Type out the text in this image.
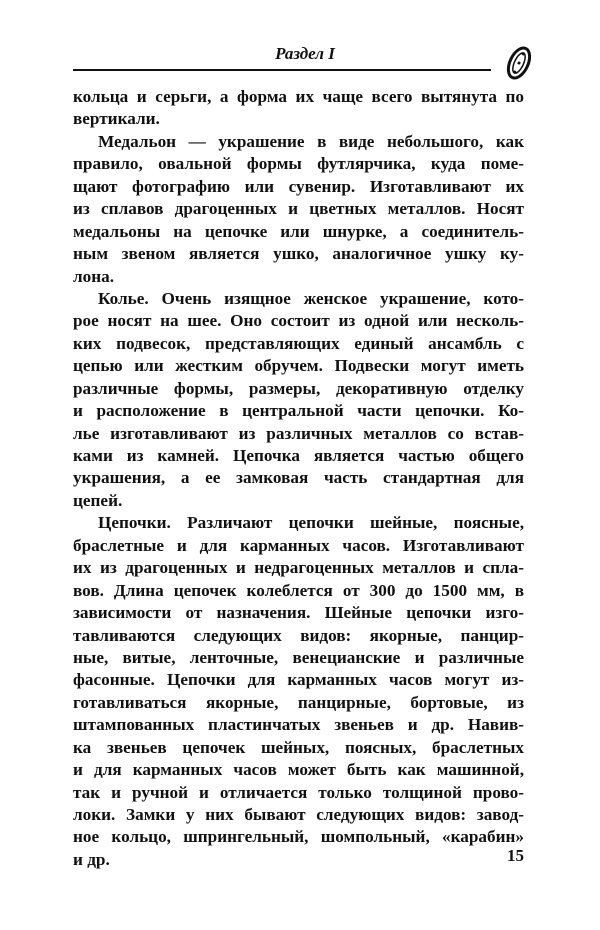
Раздел I
кольца и серьги, а форма их чаще всего вытянута по
вертикали.
Медальон — украшение в виде небольшого, как
правило, овальной формы футлярчика, куда поме-
щают фотографию или сувенир. Изготавливают их
из сплавов драгоценных и цветных металлов. Носят
медальоны на цепочке или шнурке, а соединитель-
ным звеном является ушко, аналогичное ушку ку-
лона.
Колье. Очень изящное женское украшение, кото-
рое носят на шее. Оно состоит из одной или несколь-
ких подвесок, представляющих единый ансамбль с
цепью или жестким обручем. Подвески могут иметь
различные формы, размеры, декоративную отделку
и расположение в центральной части цепочки. Ко-
лье изготавливают из различных металлов со встав-
ками из камней. Цепочка является частью общего
украшения, а ее замковая часть стандартная для
цепей.
Цепочки. Различают цепочки шейные, поясные,
браслетные и для карманных часов. Изготавливают
их из драгоценных и недрагоценных металлов и спла-
вов. Длина цепочек колеблется от 300 до 1500 мм, в
зависимости от назначения. Шейные цепочки изго-
тавливаются следующих видов: якорные, панцир-
ные, витые, ленточные, венецианские и различные
фасонные. Цепочки для карманных часов могут из-
готавливаться якорные, панцирные, бортовые, из
штампованных пластинчатых звеньев и др. Навив-
ка звеньев цепочек шейных, поясных, браслетных
и для карманных часов может быть как машинной,
так и ручной и отличается только толщиной прово-
локи. Замки у них бывают следующих видов: завод-
ное кольцо, шпрингельный, шомпольный, «карабин»
и др.	15
